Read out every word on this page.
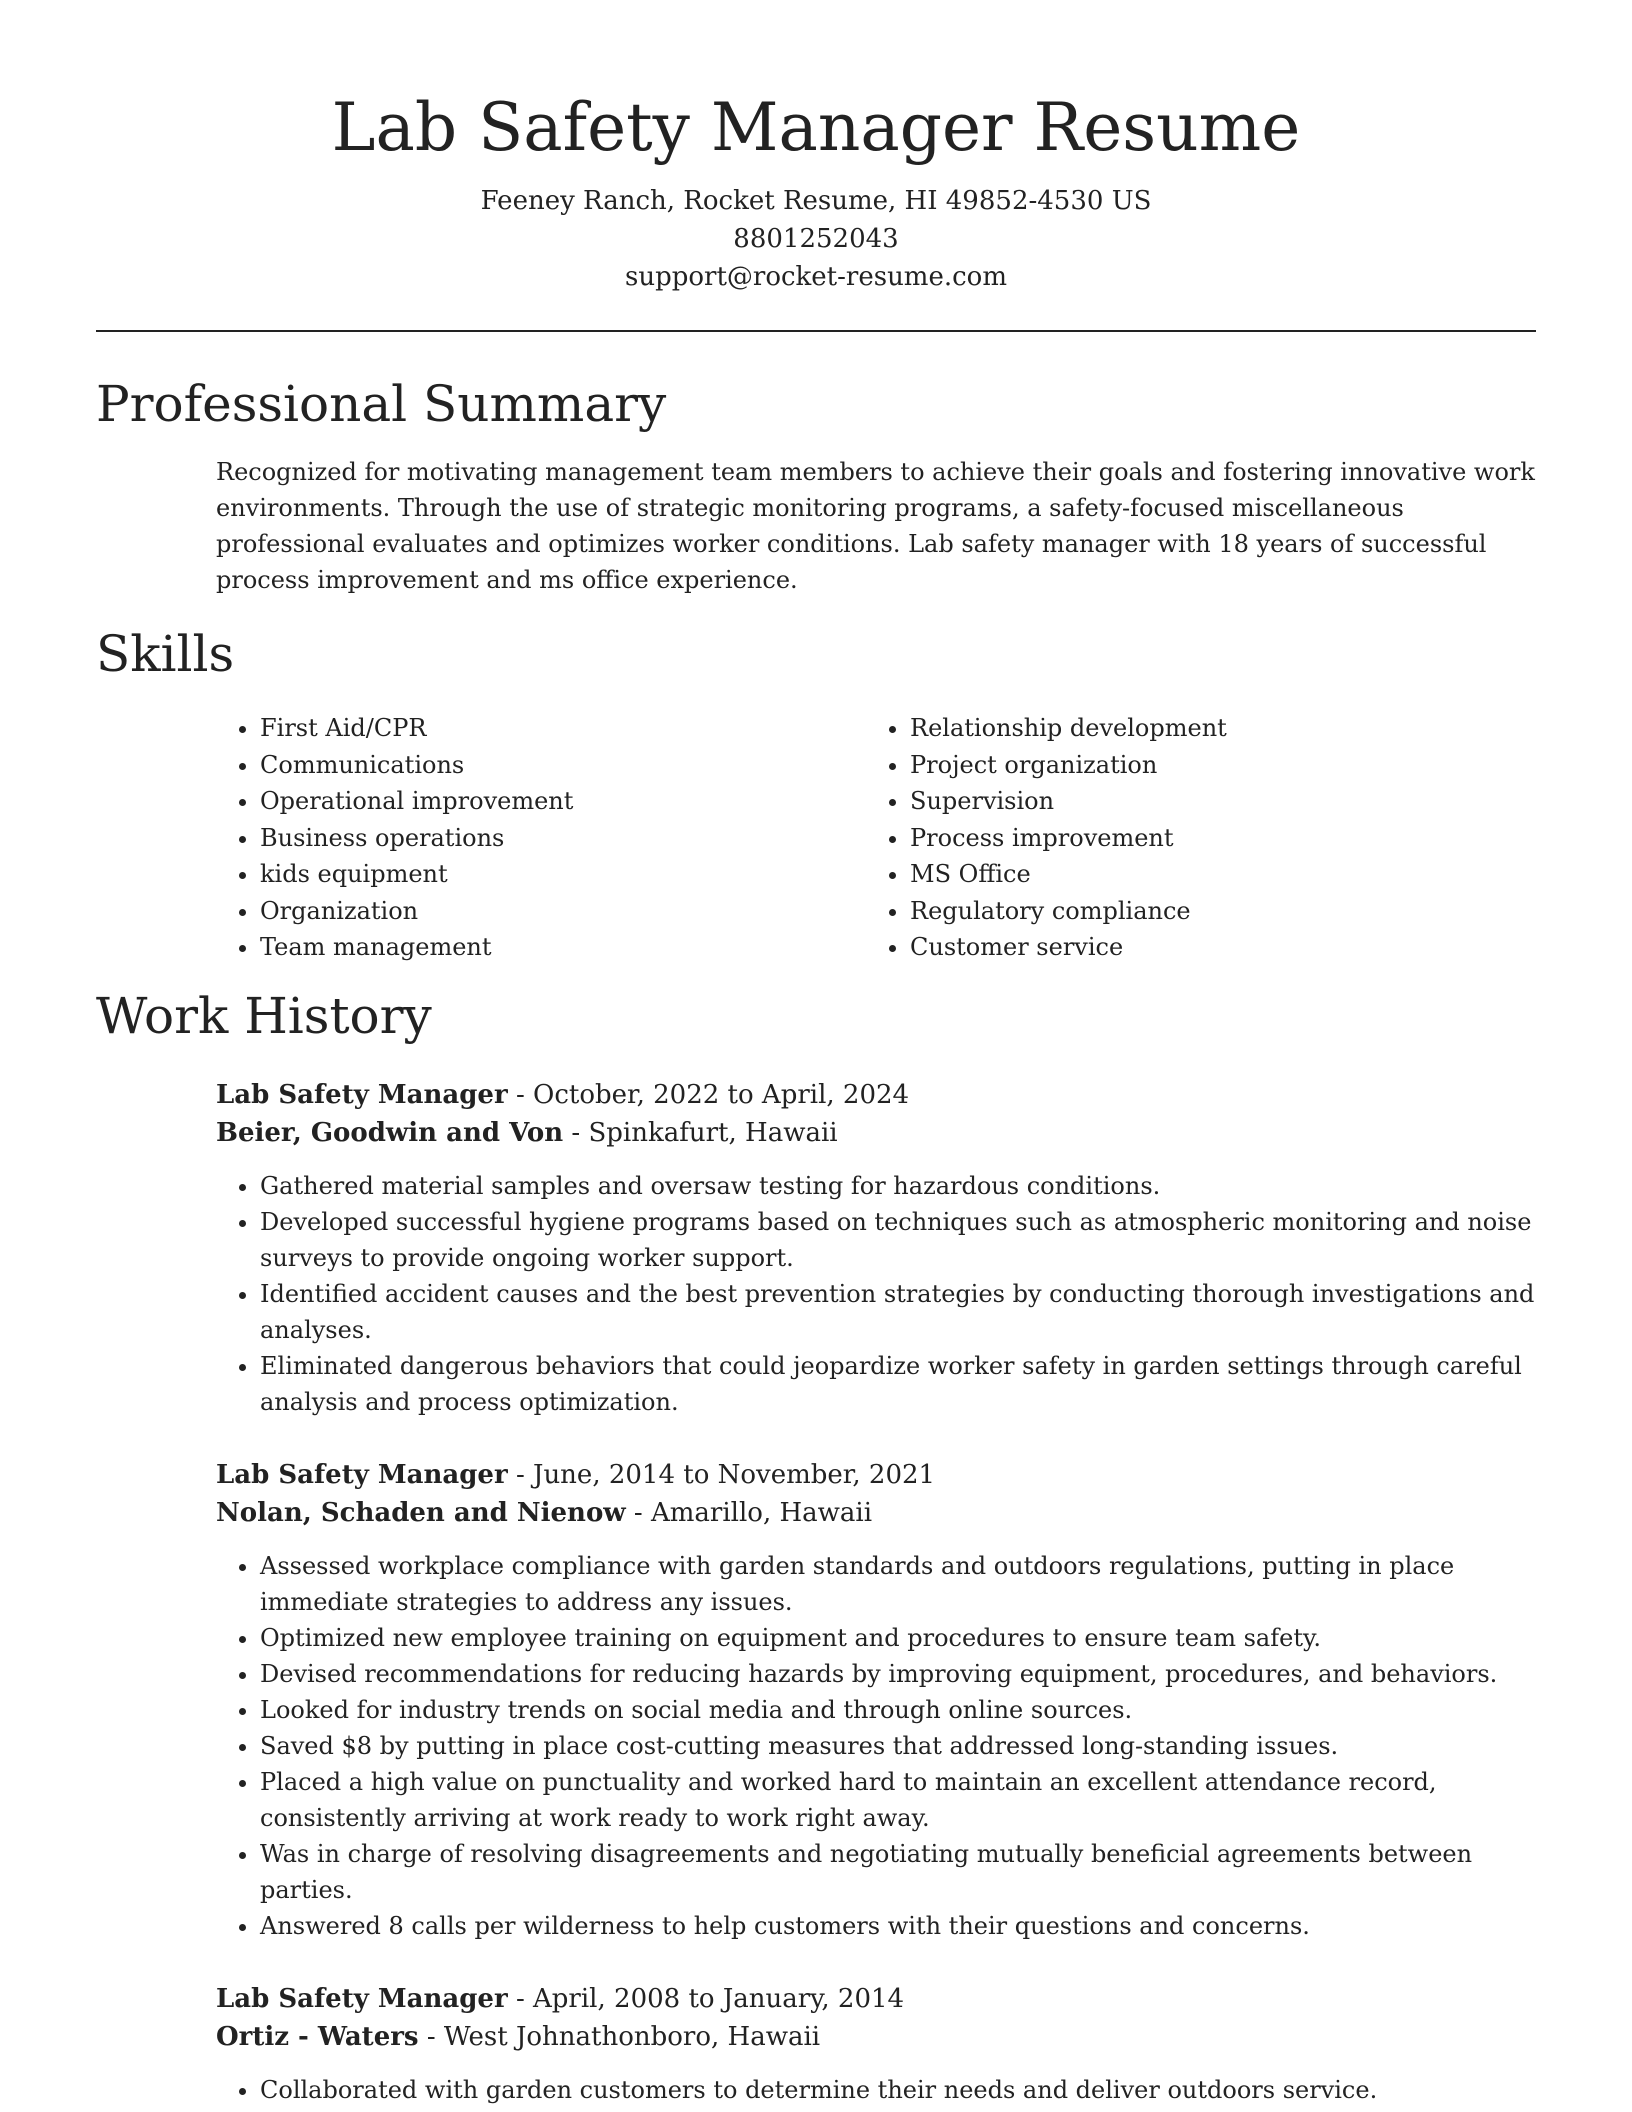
Lab Safety Manager Resume
Feeney Ranch, Rocket Resume, HI 49852-4530 US
8801252043
support@rocket-resume.com
Professional Summary

Recognized for motivating management team members to achieve their goals and fostering innovative work environments. Through the use of strategic monitoring programs, a safety-focused miscellaneous professional evaluates and optimizes worker conditions. Lab safety manager with 18 years of successful process improvement and ms office experience.

Skills
• First Aid/CPR
• Communications
• Operational improvement
• Business operations
• kids equipment
• Organization
• Team management
• Relationship development
• Project organization
• Supervision
• Process improvement
• MS Office
• Regulatory compliance
• Customer service
Work History
Lab Safety Manager - October, 2022 to April, 2024
Beier, Goodwin and Von - Spinkafurt, Hawaii
• Gathered material samples and oversaw testing for hazardous conditions.
• Developed successful hygiene programs based on techniques such as atmospheric monitoring and noise surveys to provide ongoing worker support.
• Identified accident causes and the best prevention strategies by conducting thorough investigations and analyses.
• Eliminated dangerous behaviors that could jeopardize worker safety in garden settings through careful analysis and process optimization.
Lab Safety Manager - June, 2014 to November, 2021
Nolan, Schaden and Nienow - Amarillo, Hawaii
• Assessed workplace compliance with garden standards and outdoors regulations, putting in place immediate strategies to address any issues.
• Optimized new employee training on equipment and procedures to ensure team safety.
• Devised recommendations for reducing hazards by improving equipment, procedures, and behaviors.
• Looked for industry trends on social media and through online sources.
• Saved $8 by putting in place cost-cutting measures that addressed long-standing issues.
• Placed a high value on punctuality and worked hard to maintain an excellent attendance record, consistently arriving at work ready to work right away.
• Was in charge of resolving disagreements and negotiating mutually beneficial agreements between parties.
• Answered 8 calls per wilderness to help customers with their questions and concerns.
Lab Safety Manager - April, 2008 to January, 2014
Ortiz - Waters - West Johnathonboro, Hawaii
• Collaborated with garden customers to determine their needs and deliver outdoors service.
